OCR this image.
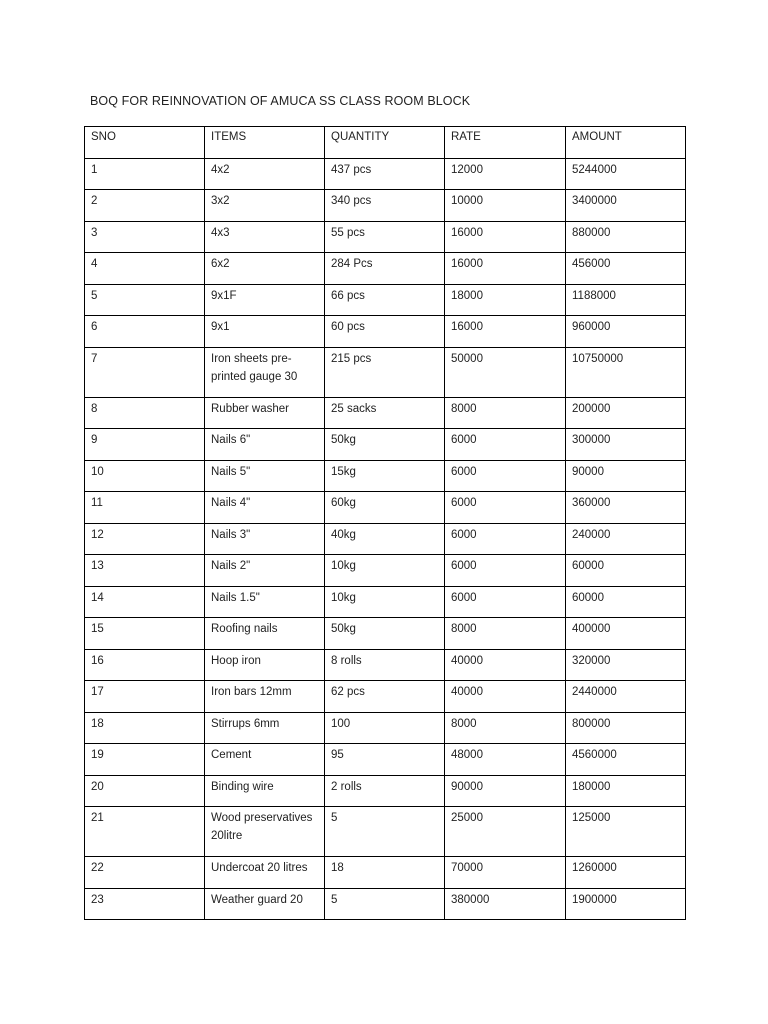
BOQ FOR REINNOVATION OF AMUCA SS CLASS ROOM BLOCK
SNO	ITEMS	QUANTITY	RATE	AMOUNT
1	4x2	437 pcs	12000	5244000
2	3x2	340 pcs	10000	3400000
3	4x3	55 pcs	16000	880000
4	6x2	284 Pcs	16000	456000
5	9x1F	66 pcs	18000	1188000
6	9x1	60 pcs	16000	960000
7	Iron sheets pre-printed gauge 30	215 pcs	50000	10750000
8	Rubber washer	25 sacks	8000	200000
9	Nails 6"	50kg	6000	300000
10	Nails 5"	15kg	6000	90000
11	Nails 4"	60kg	6000	360000
12	Nails 3"	40kg	6000	240000
13	Nails 2"	10kg	6000	60000
14	Nails 1.5"	10kg	6000	60000
15	Roofing nails	50kg	8000	400000
16	Hoop iron	8 rolls	40000	320000
17	Iron bars 12mm	62 pcs	40000	2440000
18	Stirrups 6mm	100	8000	800000
19	Cement	95	48000	4560000
20	Binding wire	2 rolls	90000	180000
21	Wood preservatives 20litre	5	25000	125000
22	Undercoat 20 litres	18	70000	1260000
23	Weather guard 20	5	380000	1900000
